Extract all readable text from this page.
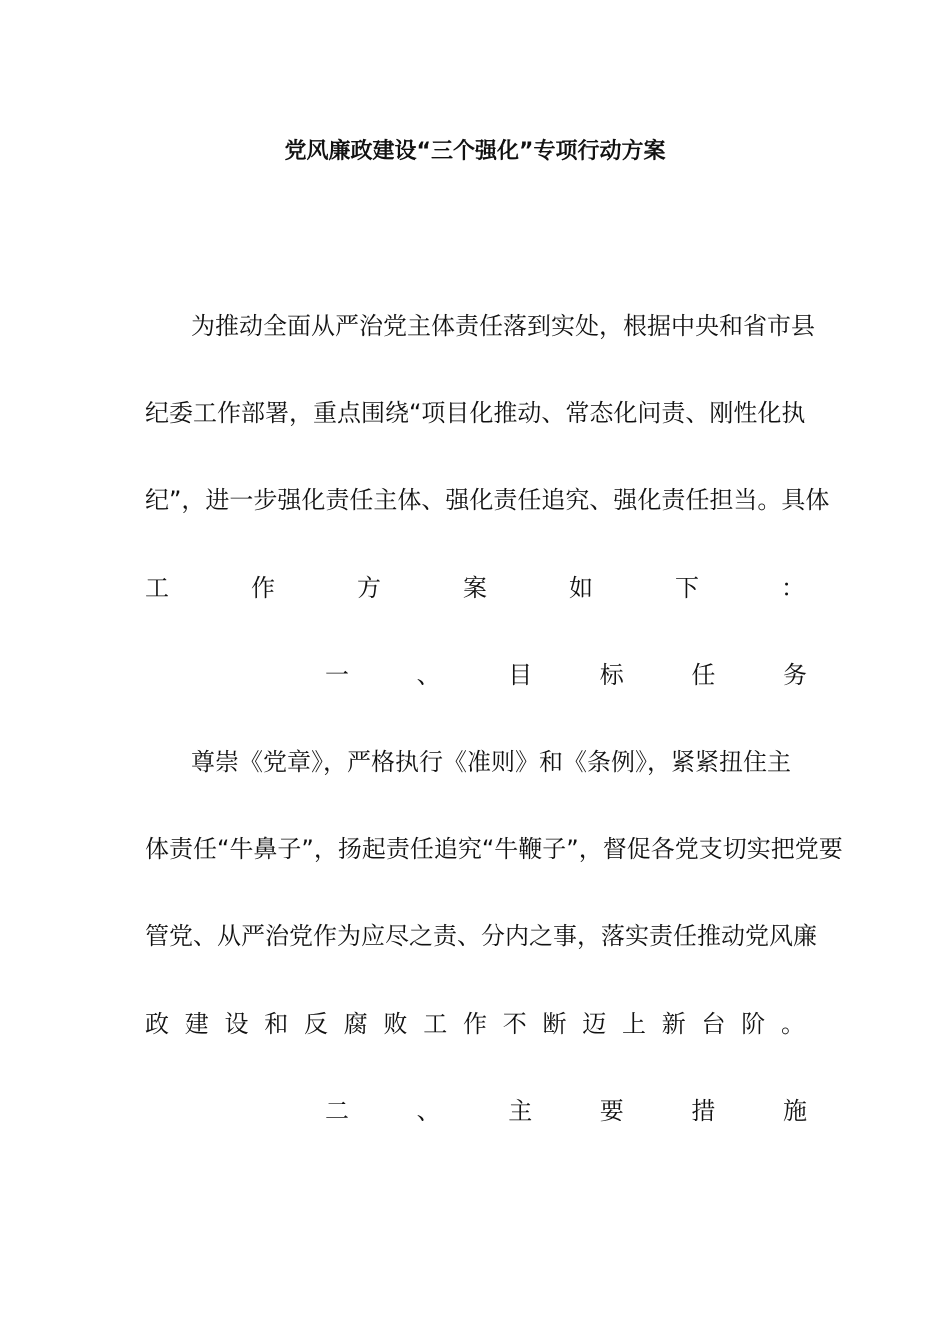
党风廉政建设“三个强化”专项行动方案
为推动全面从严治党主体责任落到实处，根据中央和省市县
纪委工作部署，重点围绕“项目化推动、常态化问责、刚性化执
纪”，进一步强化责任主体、强化责任追究、强化责任担当。具体
工	作	方	案	如	下	：
一	、	目	标	任	务
尊崇《党章》，严格执行《准则》和《条例》，紧紧扭住主
体责任“牛鼻子”，扬起责任追究“牛鞭子”，督促各党支切实把党要
管党、从严治党作为应尽之责、分内之事，落实责任推动党风廉
政 建 设 和 反 腐 败 工 作 不 断 迈 上 新 台 阶 。
二	、	主	要	措	施
